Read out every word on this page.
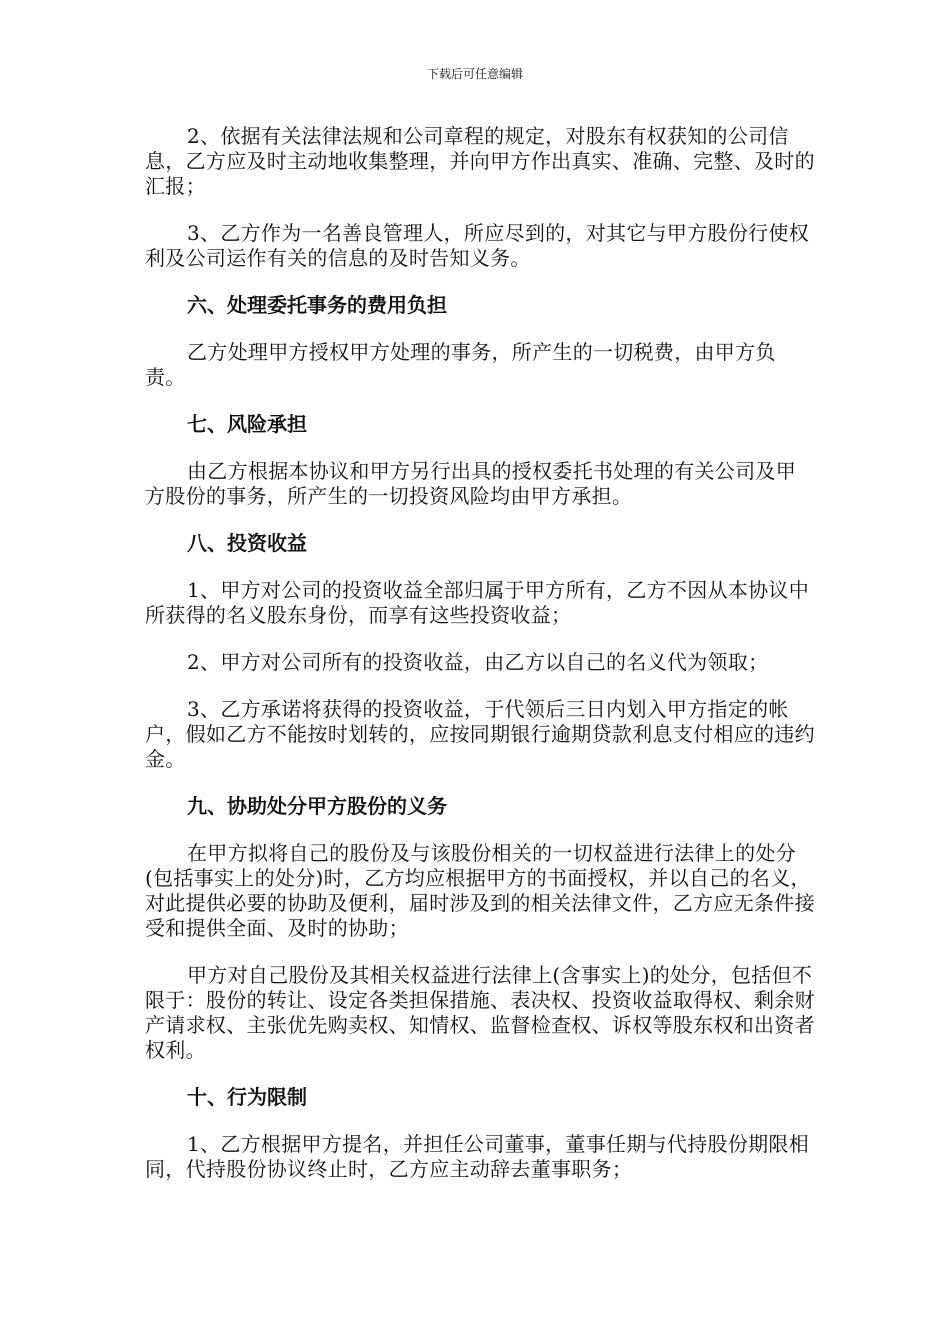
下载后可任意编辑

2、依据有关法律法规和公司章程的规定，对股东有权获知的公司信息，乙方应及时主动地收集整理，并向甲方作出真实、准确、完整、及时的汇报；

3、乙方作为一名善良管理人，所应尽到的，对其它与甲方股份行使权利及公司运作有关的信息的及时告知义务。

六、处理委托事务的费用负担

乙方处理甲方授权甲方处理的事务，所产生的一切税费，由甲方负责。

七、风险承担

由乙方根据本协议和甲方另行出具的授权委托书处理的有关公司及甲方股份的事务，所产生的一切投资风险均由甲方承担。

八、投资收益

1、甲方对公司的投资收益全部归属于甲方所有，乙方不因从本协议中所获得的名义股东身份，而享有这些投资收益；

2、甲方对公司所有的投资收益，由乙方以自己的名义代为领取；

3、乙方承诺将获得的投资收益，于代领后三日内划入甲方指定的帐户，假如乙方不能按时划转的，应按同期银行逾期贷款利息支付相应的违约金。

九、协助处分甲方股份的义务

在甲方拟将自己的股份及与该股份相关的一切权益进行法律上的处分(包括事实上的处分)时，乙方均应根据甲方的书面授权，并以自己的名义，对此提供必要的协助及便利，届时涉及到的相关法律文件，乙方应无条件接受和提供全面、及时的协助；

甲方对自己股份及其相关权益进行法律上(含事实上)的处分，包括但不限于：股份的转让、设定各类担保措施、表决权、投资收益取得权、剩余财产请求权、主张优先购卖权、知情权、监督检查权、诉权等股东权和出资者权利。

十、行为限制

1、乙方根据甲方提名，并担任公司董事，董事任期与代持股份期限相同，代持股份协议终止时，乙方应主动辞去董事职务；
